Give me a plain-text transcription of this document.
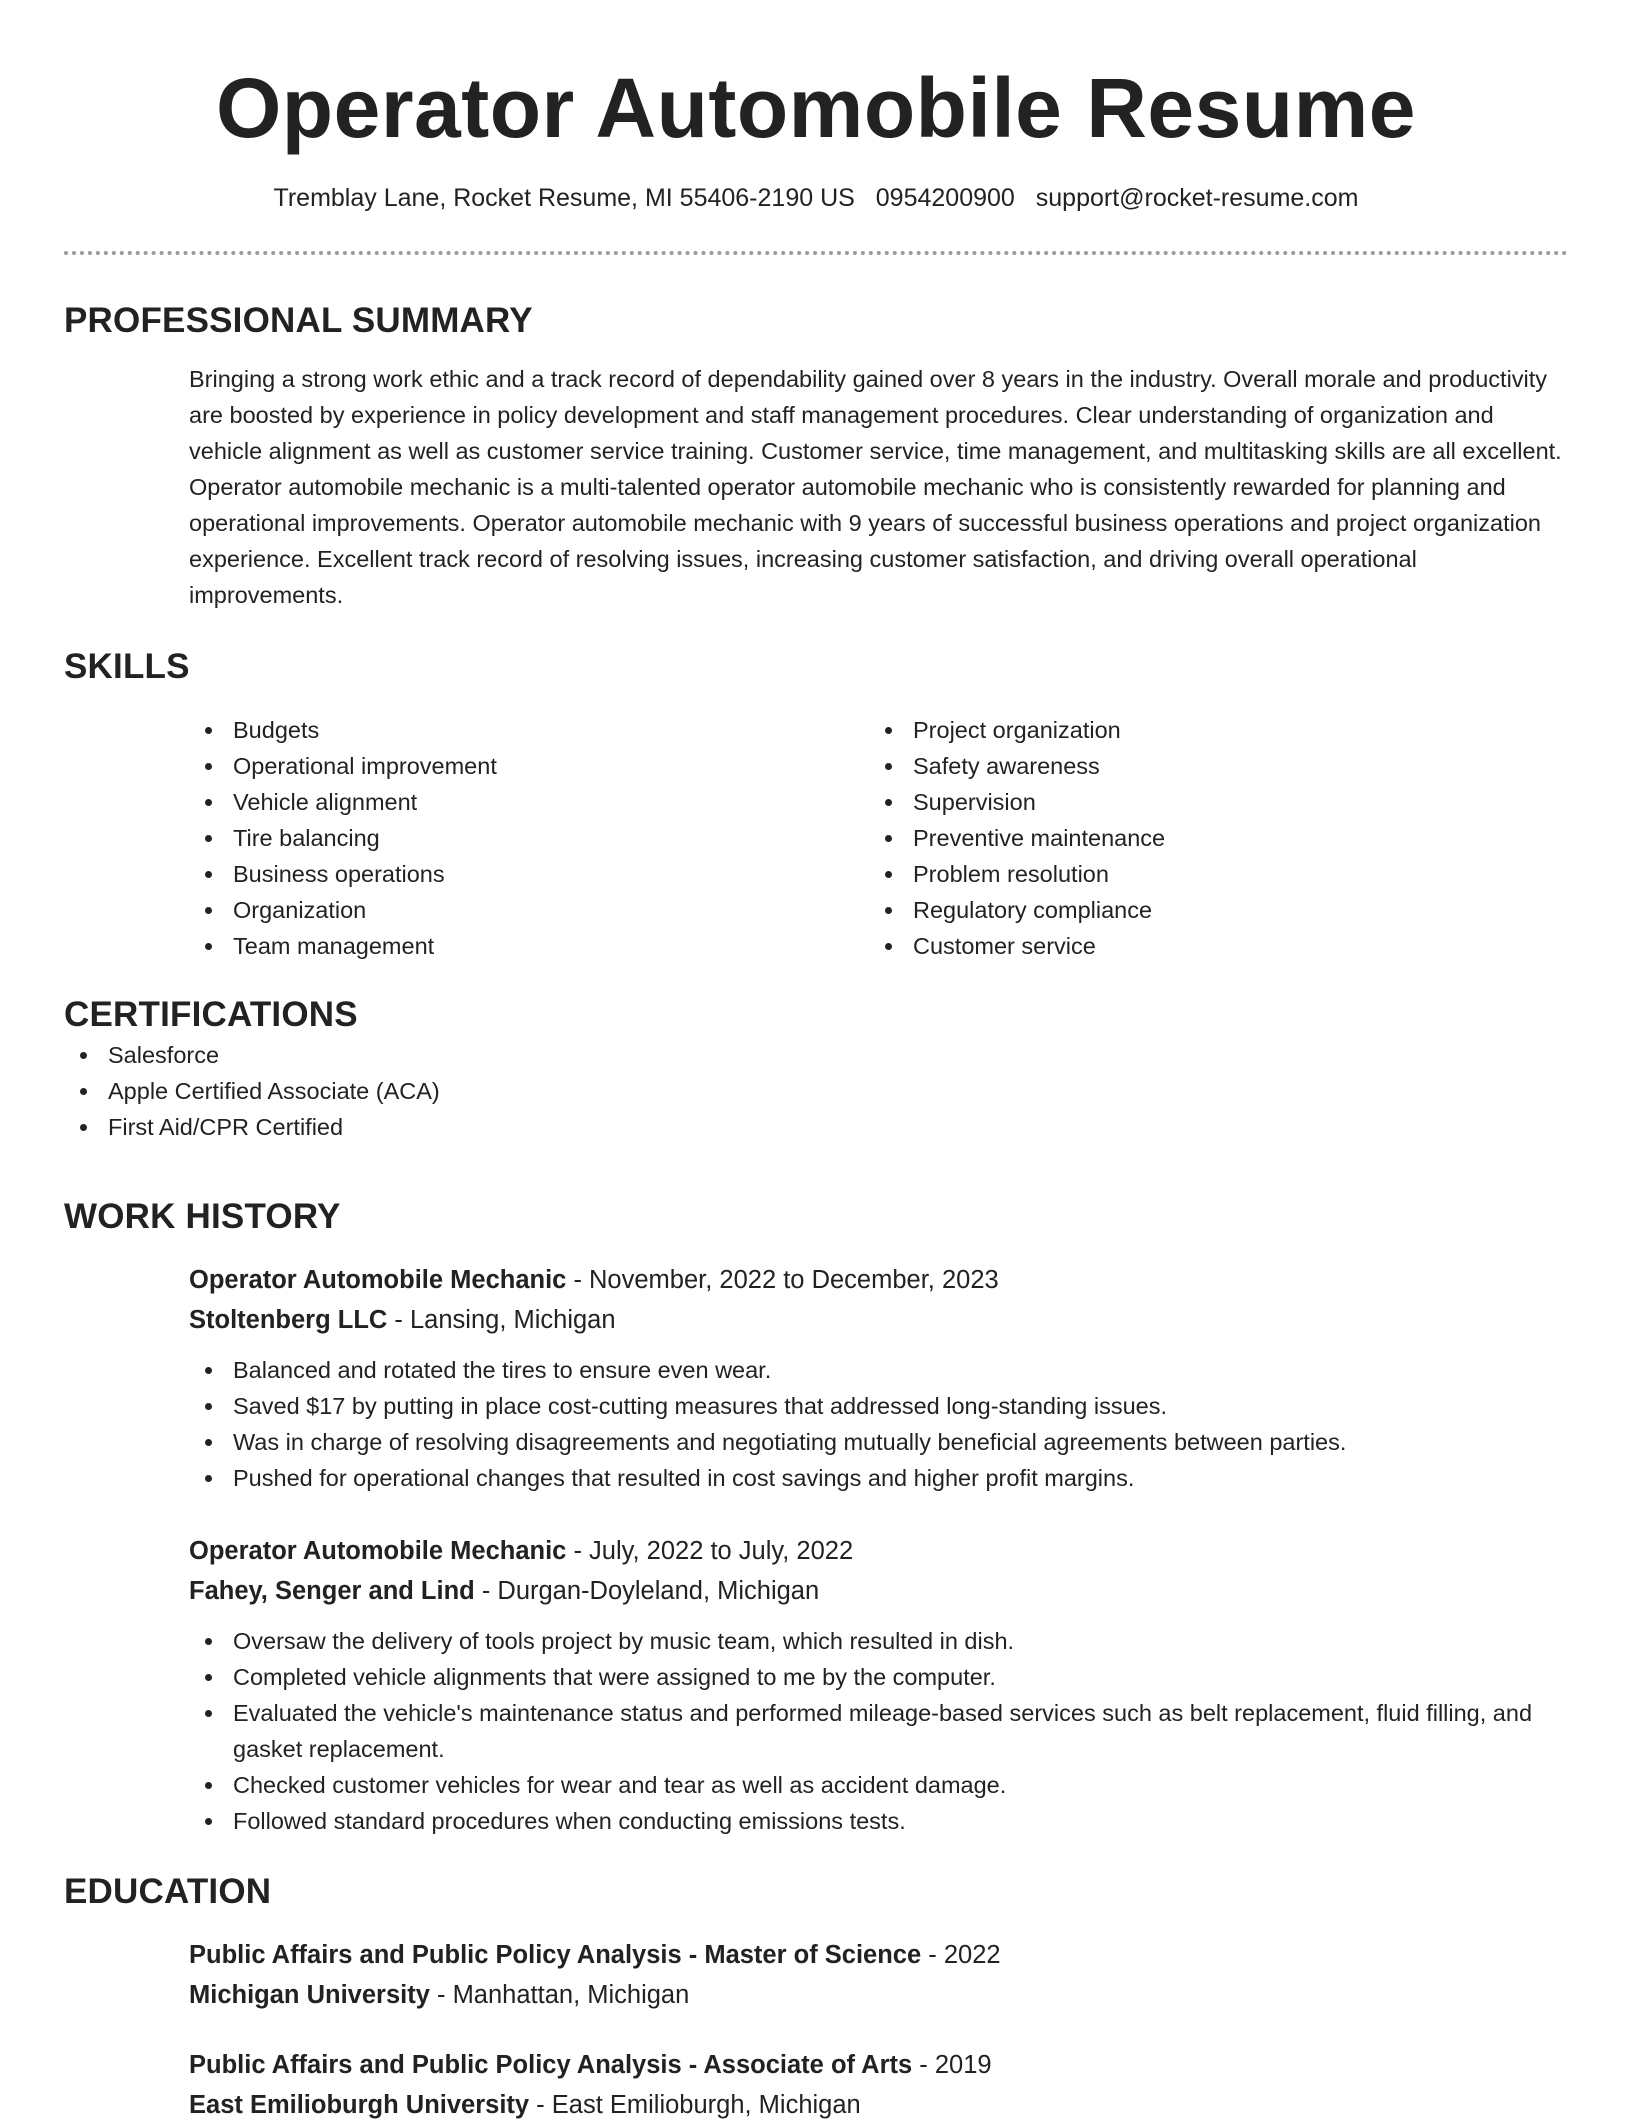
Operator Automobile Resume
Tremblay Lane, Rocket Resume, MI 55406-2190 US 0954200900 support@rocket-resume.com
PROFESSIONAL SUMMARY
Bringing a strong work ethic and a track record of dependability gained over 8 years in the industry. Overall morale and productivity are boosted by experience in policy development and staff management procedures. Clear understanding of organization and vehicle alignment as well as customer service training. Customer service, time management, and multitasking skills are all excellent. Operator automobile mechanic is a multi-talented operator automobile mechanic who is consistently rewarded for planning and operational improvements. Operator automobile mechanic with 9 years of successful business operations and project organization experience. Excellent track record of resolving issues, increasing customer satisfaction, and driving overall operational improvements.
SKILLS
Budgets
Operational improvement
Vehicle alignment
Tire balancing
Business operations
Organization
Team management
Project organization
Safety awareness
Supervision
Preventive maintenance
Problem resolution
Regulatory compliance
Customer service
CERTIFICATIONS
Salesforce
Apple Certified Associate (ACA)
First Aid/CPR Certified
WORK HISTORY
Operator Automobile Mechanic - November, 2022 to December, 2023
Stoltenberg LLC - Lansing, Michigan
Balanced and rotated the tires to ensure even wear.
Saved $17 by putting in place cost-cutting measures that addressed long-standing issues.
Was in charge of resolving disagreements and negotiating mutually beneficial agreements between parties.
Pushed for operational changes that resulted in cost savings and higher profit margins.
Operator Automobile Mechanic - July, 2022 to July, 2022
Fahey, Senger and Lind - Durgan-Doyleland, Michigan
Oversaw the delivery of tools project by music team, which resulted in dish.
Completed vehicle alignments that were assigned to me by the computer.
Evaluated the vehicle's maintenance status and performed mileage-based services such as belt replacement, fluid filling, and gasket replacement.
Checked customer vehicles for wear and tear as well as accident damage.
Followed standard procedures when conducting emissions tests.
EDUCATION
Public Affairs and Public Policy Analysis - Master of Science - 2022
Michigan University - Manhattan, Michigan
Public Affairs and Public Policy Analysis - Associate of Arts - 2019
East Emilioburgh University - East Emilioburgh, Michigan
